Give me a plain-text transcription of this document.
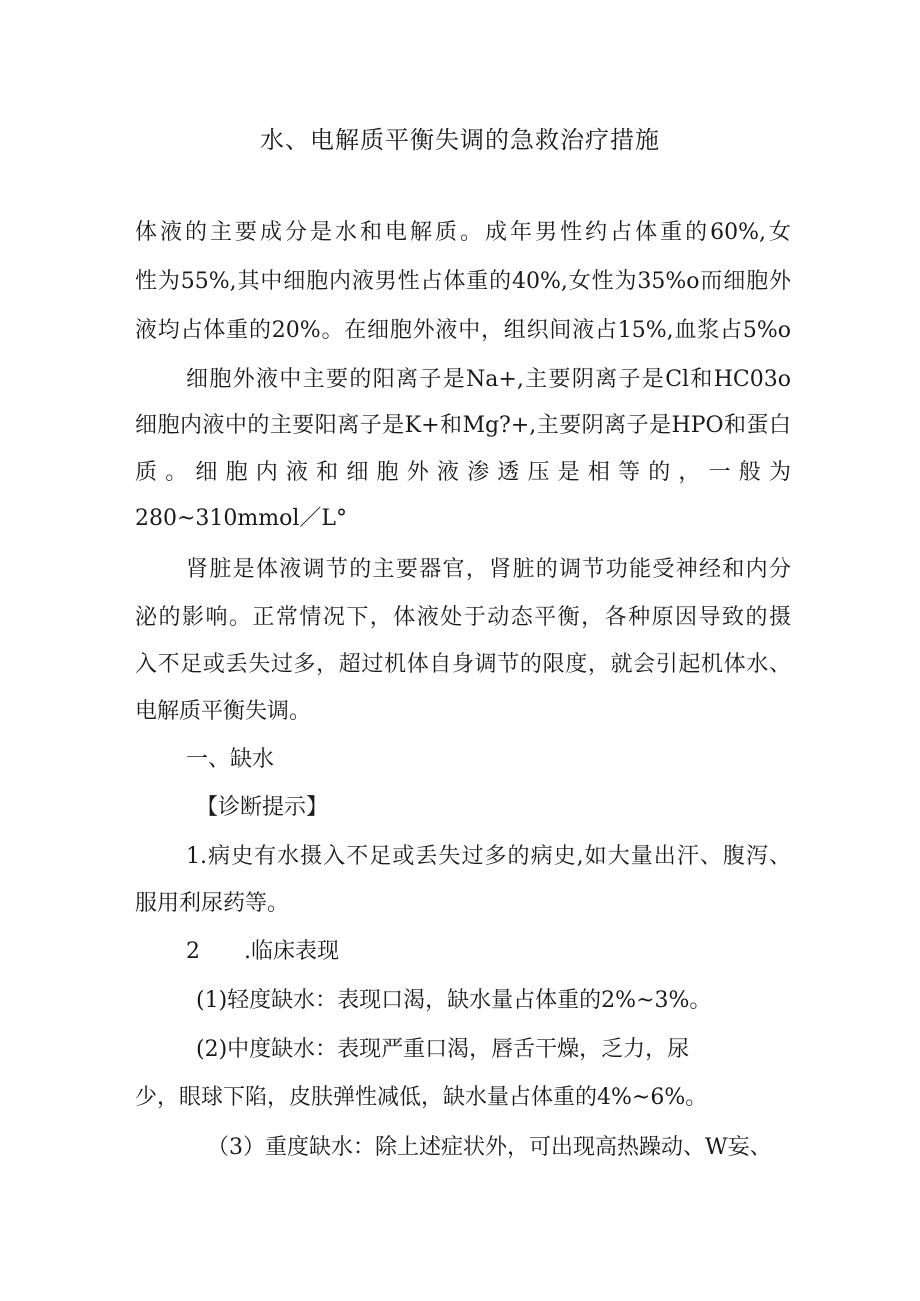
水、电解质平衡失调的急救治疗措施
体液的主要成分是水和电解质。成年男性约占体重的60%,女
性为55%,其中细胞内液男性占体重的40%,女性为35%o而细胞外
液均占体重的20%。在细胞外液中，组织间液占15%,血浆占5%o
细胞外液中主要的阳离子是Na+,主要阴离子是Cl和HC03o
细胞内液中的主要阳离子是K+和Mg?+,主要阴离子是HPO和蛋白
质。细胞内液和细胞外液渗透压是相等的，一般为
280~310mmol／L°
肾脏是体液调节的主要器官，肾脏的调节功能受神经和内分
泌的影响。正常情况下，体液处于动态平衡，各种原因导致的摄
入不足或丢失过多，超过机体自身调节的限度，就会引起机体水、
电解质平衡失调。
一、缺水
【诊断提示】
1.病史有水摄入不足或丢失过多的病史,如大量出汗、腹泻、
服用利尿药等。
2　　.临床表现
(1)轻度缺水：表现口渴，缺水量占体重的2%~3%。
(2)中度缺水：表现严重口渴，唇舌干燥，乏力，尿
少，眼球下陷，皮肤弹性减低，缺水量占体重的4%~6%。
（3）重度缺水：除上述症状外，可出现高热躁动、W妄、
